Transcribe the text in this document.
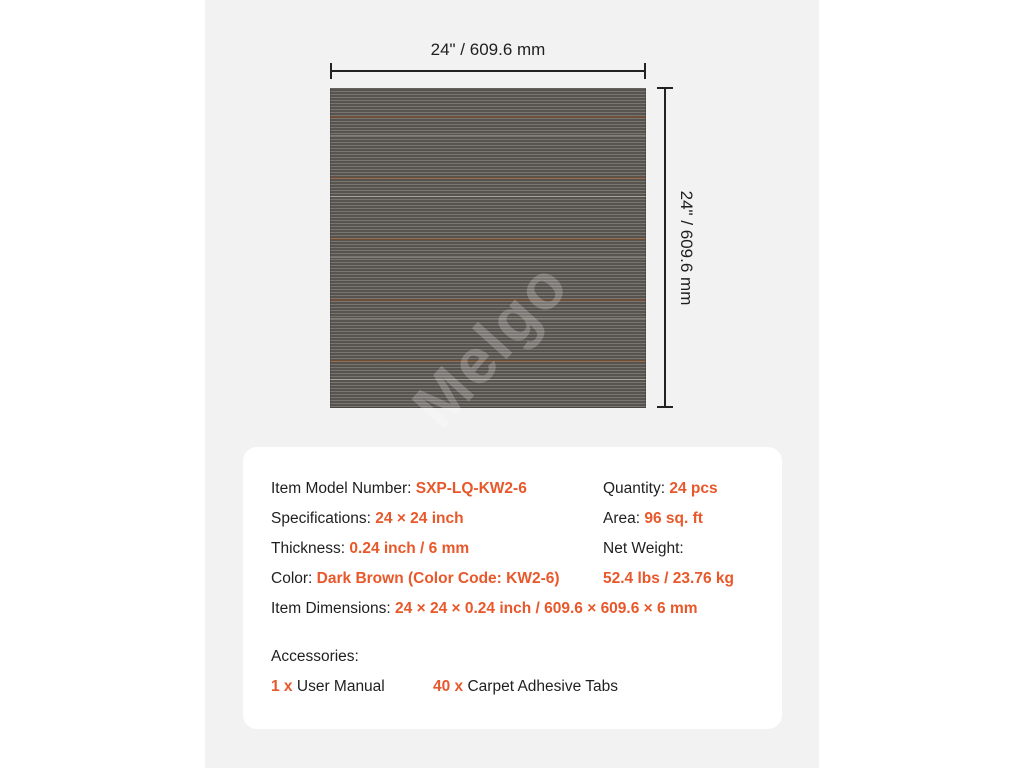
24" / 609.6 mm
Melgo
24" / 609.6 mm
Item Model Number: SXP-LQ-KW2-6	Quantity: 24 pcs
Specifications: 24 × 24 inch	Area: 96 sq. ft
Thickness: 0.24 inch / 6 mm	Net Weight:
Color: Dark Brown (Color Code: KW2-6)	52.4 lbs / 23.76 kg
Item Dimensions: 24 × 24 × 0.24 inch / 609.6 × 609.6 × 6 mm
Accessories:
1 x User Manual	40 x Carpet Adhesive Tabs
